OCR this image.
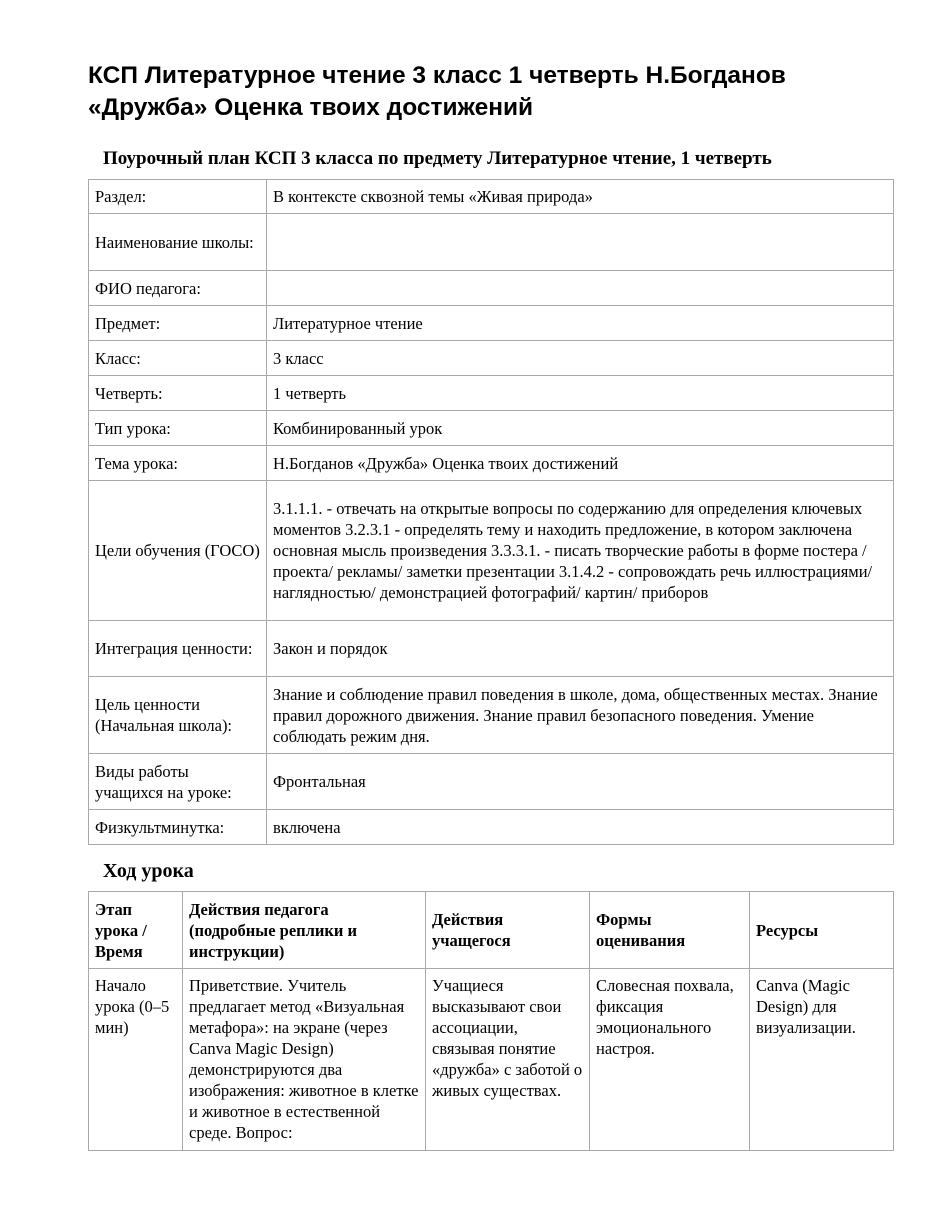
КСП Литературное чтение 3 класс 1 четверть Н.Богданов «Дружба» Оценка твоих достижений
Поурочный план КСП 3 класса по предмету Литературное чтение, 1 четверть
Раздел:	В контексте сквозной темы «Живая природа»
Наименование школы:	
ФИО педагога:	
Предмет:	Литературное чтение
Класс:	3 класс
Четверть:	1 четверть
Тип урока:	Комбинированный урок
Тема урока:	Н.Богданов «Дружба» Оценка твоих достижений
Цели обучения (ГОСО)	3.1.1.1. - отвечать на открытые вопросы по содержанию для определения ключевых моментов 3.2.3.1 - определять тему и находить предложение, в котором заключена основная мысль произведения 3.3.3.1. - писать творческие работы в форме постера /проекта/ рекламы/ заметки презентации 3.1.4.2 - сопровождать речь иллюстрациями/ наглядностью/ демонстрацией фотографий/ картин/ приборов
Интеграция ценности:	Закон и порядок
Цель ценности (Начальная школа):	Знание и соблюдение правил поведения в школе, дома, общественных местах. Знание правил дорожного движения. Знание правил безопасного поведения. Умение соблюдать режим дня.
Виды работы учащихся на уроке:	Фронтальная
Физкультминутка:	включена
Ход урока
Этап урока / Время	Действия педагога (подробные реплики и инструкции)	Действия учащегося	Формы оценивания	Ресурсы
Начало урока (0–5 мин)	Приветствие. Учитель предлагает метод «Визуальная метафора»: на экране (через Canva Magic Design) демонстрируются два изображения: животное в клетке и животное в естественной среде. Вопрос:	Учащиеся высказывают свои ассоциации, связывая понятие «дружба» с заботой о живых существах.	Словесная похвала, фиксация эмоционального настроя.	Canva (Magic Design) для визуализации.
